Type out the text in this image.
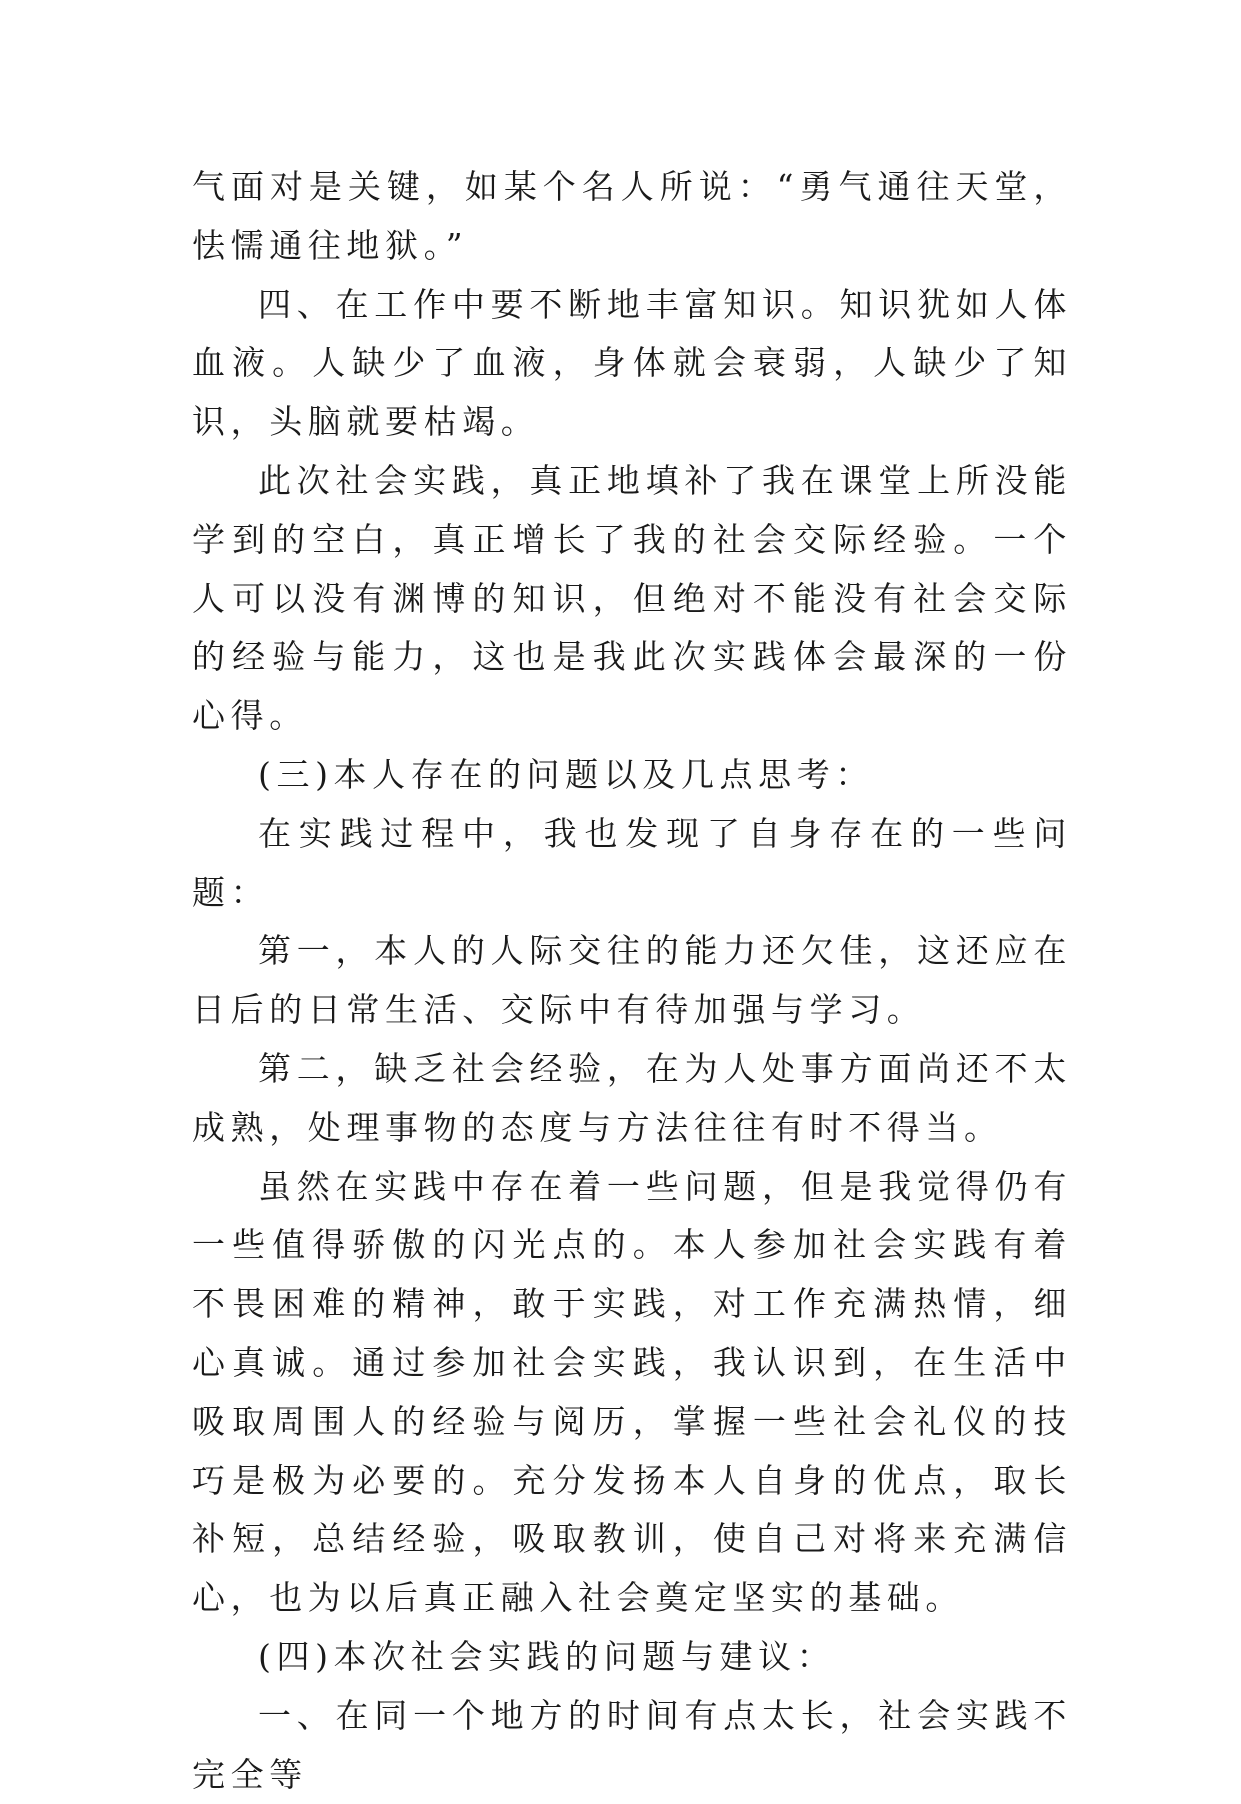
气面对是关键，如某个名人所说：“勇气通往天堂，怯懦通往地狱。”

四、在工作中要不断地丰富知识。知识犹如人体血液。人缺少了血液，身体就会衰弱，人缺少了知识，头脑就要枯竭。

此次社会实践，真正地填补了我在课堂上所没能学到的空白，真正增长了我的社会交际经验。一个人可以没有渊博的知识，但绝对不能没有社会交际的经验与能力，这也是我此次实践体会最深的一份心得。

(三)本人存在的问题以及几点思考：

在实践过程中，我也发现了自身存在的一些问题：

第一，本人的人际交往的能力还欠佳，这还应在日后的日常生活、交际中有待加强与学习。

第二，缺乏社会经验，在为人处事方面尚还不太成熟，处理事物的态度与方法往往有时不得当。

虽然在实践中存在着一些问题，但是我觉得仍有一些值得骄傲的闪光点的。本人参加社会实践有着不畏困难的精神，敢于实践，对工作充满热情，细心真诚。通过参加社会实践，我认识到，在生活中吸取周围人的经验与阅历，掌握一些社会礼仪的技巧是极为必要的。充分发扬本人自身的优点，取长补短，总结经验，吸取教训，使自己对将来充满信心，也为以后真正融入社会奠定坚实的基础。

(四)本次社会实践的问题与建议：

一、在同一个地方的时间有点太长，社会实践不完全等
